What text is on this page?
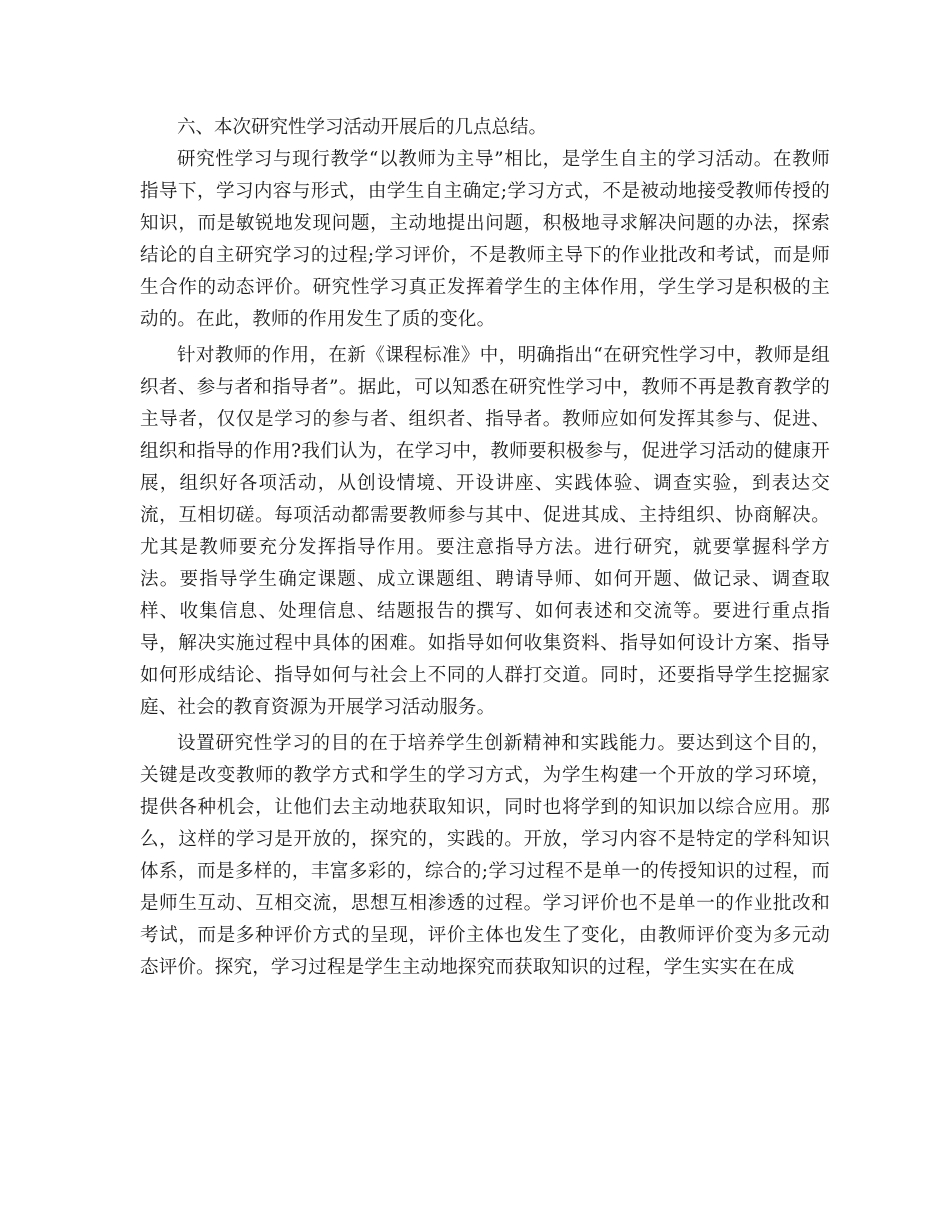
六、本次研究性学习活动开展后的几点总结。

研究性学习与现行教学“以教师为主导”相比，是学生自主的学习活动。在教师指导下，学习内容与形式，由学生自主确定;学习方式，不是被动地接受教师传授的知识，而是敏锐地发现问题，主动地提出问题，积极地寻求解决问题的办法，探索结论的自主研究学习的过程;学习评价，不是教师主导下的作业批改和考试，而是师生合作的动态评价。研究性学习真正发挥着学生的主体作用，学生学习是积极的主动的。在此，教师的作用发生了质的变化。

针对教师的作用，在新《课程标准》中，明确指出“在研究性学习中，教师是组织者、参与者和指导者”。据此，可以知悉在研究性学习中，教师不再是教育教学的主导者，仅仅是学习的参与者、组织者、指导者。教师应如何发挥其参与、促进、组织和指导的作用?我们认为，在学习中，教师要积极参与，促进学习活动的健康开展，组织好各项活动，从创设情境、开设讲座、实践体验、调查实验，到表达交流，互相切磋。每项活动都需要教师参与其中、促进其成、主持组织、协商解决。尤其是教师要充分发挥指导作用。要注意指导方法。进行研究，就要掌握科学方法。要指导学生确定课题、成立课题组、聘请导师、如何开题、做记录、调查取样、收集信息、处理信息、结题报告的撰写、如何表述和交流等。要进行重点指导，解决实施过程中具体的困难。如指导如何收集资料、指导如何设计方案、指导如何形成结论、指导如何与社会上不同的人群打交道。同时，还要指导学生挖掘家庭、社会的教育资源为开展学习活动服务。

设置研究性学习的目的在于培养学生创新精神和实践能力。要达到这个目的，关键是改变教师的教学方式和学生的学习方式，为学生构建一个开放的学习环境，提供各种机会，让他们去主动地获取知识，同时也将学到的知识加以综合应用。那么，这样的学习是开放的，探究的，实践的。开放，学习内容不是特定的学科知识体系，而是多样的，丰富多彩的，综合的;学习过程不是单一的传授知识的过程，而是师生互动、互相交流，思想互相渗透的过程。学习评价也不是单一的作业批改和考试，而是多种评价方式的呈现，评价主体也发生了变化，由教师评价变为多元动态评价。探究，学习过程是学生主动地探究而获取知识的过程，学生实实在在成
